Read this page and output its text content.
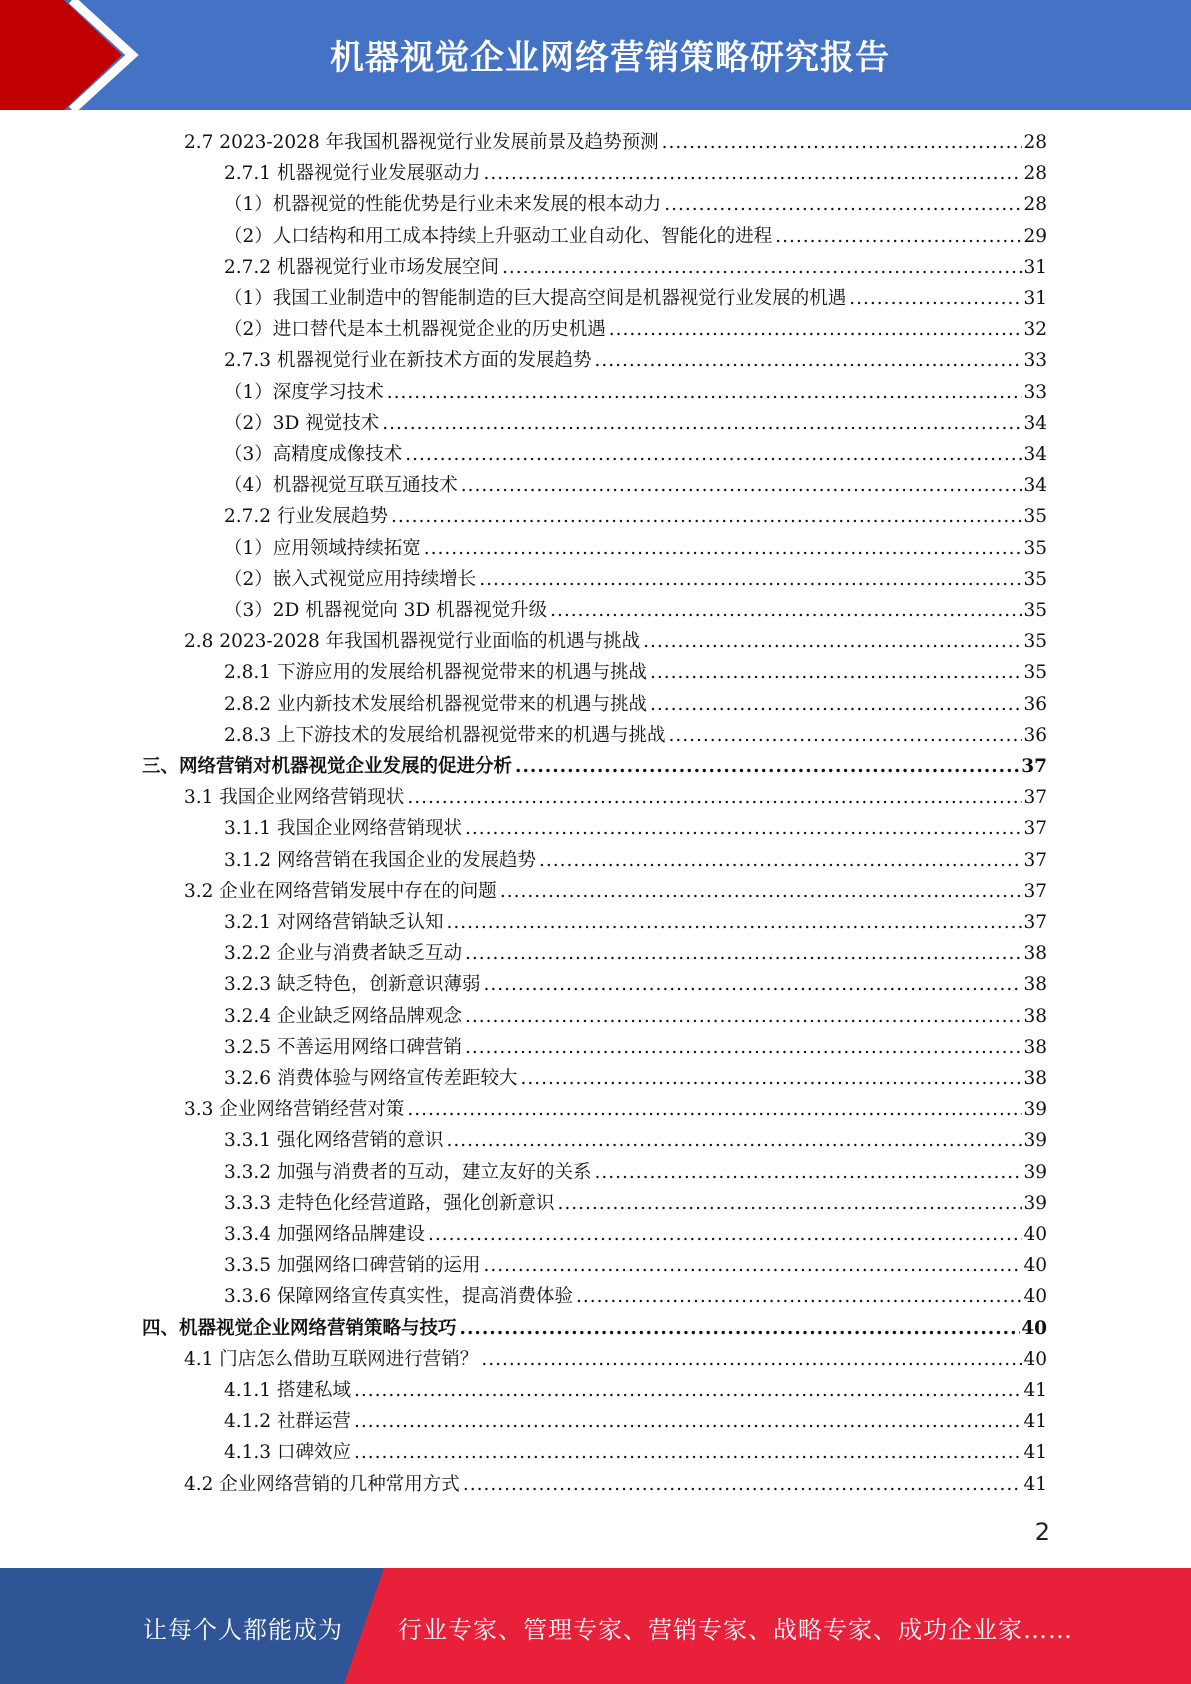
机器视觉企业网络营销策略研究报告
2.7 2023-2028 年我国机器视觉行业发展前景及趋势预测 .....	28
2.7.1 机器视觉行业发展驱动力 .....	28
（1）机器视觉的性能优势是行业未来发展的根本动力 .....	28
（2）人口结构和用工成本持续上升驱动工业自动化、智能化的进程 .....	29
2.7.2 机器视觉行业市场发展空间 .....	31
（1）我国工业制造中的智能制造的巨大提高空间是机器视觉行业发展的机遇 .....	31
（2）进口替代是本土机器视觉企业的历史机遇 .....	32
2.7.3 机器视觉行业在新技术方面的发展趋势 .....	33
（1）深度学习技术 .....	33
（2）3D 视觉技术 .....	34
（3）高精度成像技术 .....	34
（4）机器视觉互联互通技术 .....	34
2.7.2 行业发展趋势 .....	35
（1）应用领域持续拓宽 .....	35
（2）嵌入式视觉应用持续增长 .....	35
（3）2D 机器视觉向 3D 机器视觉升级 .....	35
2.8 2023-2028 年我国机器视觉行业面临的机遇与挑战 .....	35
2.8.1 下游应用的发展给机器视觉带来的机遇与挑战 .....	35
2.8.2 业内新技术发展给机器视觉带来的机遇与挑战 .....	36
2.8.3 上下游技术的发展给机器视觉带来的机遇与挑战 .....	36
三、网络营销对机器视觉企业发展的促进分析 .....	37
3.1 我国企业网络营销现状 .....	37
3.1.1 我国企业网络营销现状 .....	37
3.1.2 网络营销在我国企业的发展趋势 .....	37
3.2 企业在网络营销发展中存在的问题 .....	37
3.2.1 对网络营销缺乏认知 .....	37
3.2.2 企业与消费者缺乏互动 .....	38
3.2.3 缺乏特色，创新意识薄弱 .....	38
3.2.4 企业缺乏网络品牌观念 .....	38
3.2.5 不善运用网络口碑营销 .....	38
3.2.6 消费体验与网络宣传差距较大 .....	38
3.3 企业网络营销经营对策 .....	39
3.3.1 强化网络营销的意识 .....	39
3.3.2 加强与消费者的互动，建立友好的关系 .....	39
3.3.3 走特色化经营道路，强化创新意识 .....	39
3.3.4 加强网络品牌建设 .....	40
3.3.5 加强网络口碑营销的运用 .....	40
3.3.6 保障网络宣传真实性，提高消费体验 .....	40
四、机器视觉企业网络营销策略与技巧 .....	40
4.1 门店怎么借助互联网进行营销？ .....	40
4.1.1 搭建私域 .....	41
4.1.2 社群运营 .....	41
4.1.3 口碑效应 .....	41
4.2 企业网络营销的几种常用方式 .....	41
2
让每个人都能成为 行业专家、管理专家、营销专家、战略专家、成功企业家……
